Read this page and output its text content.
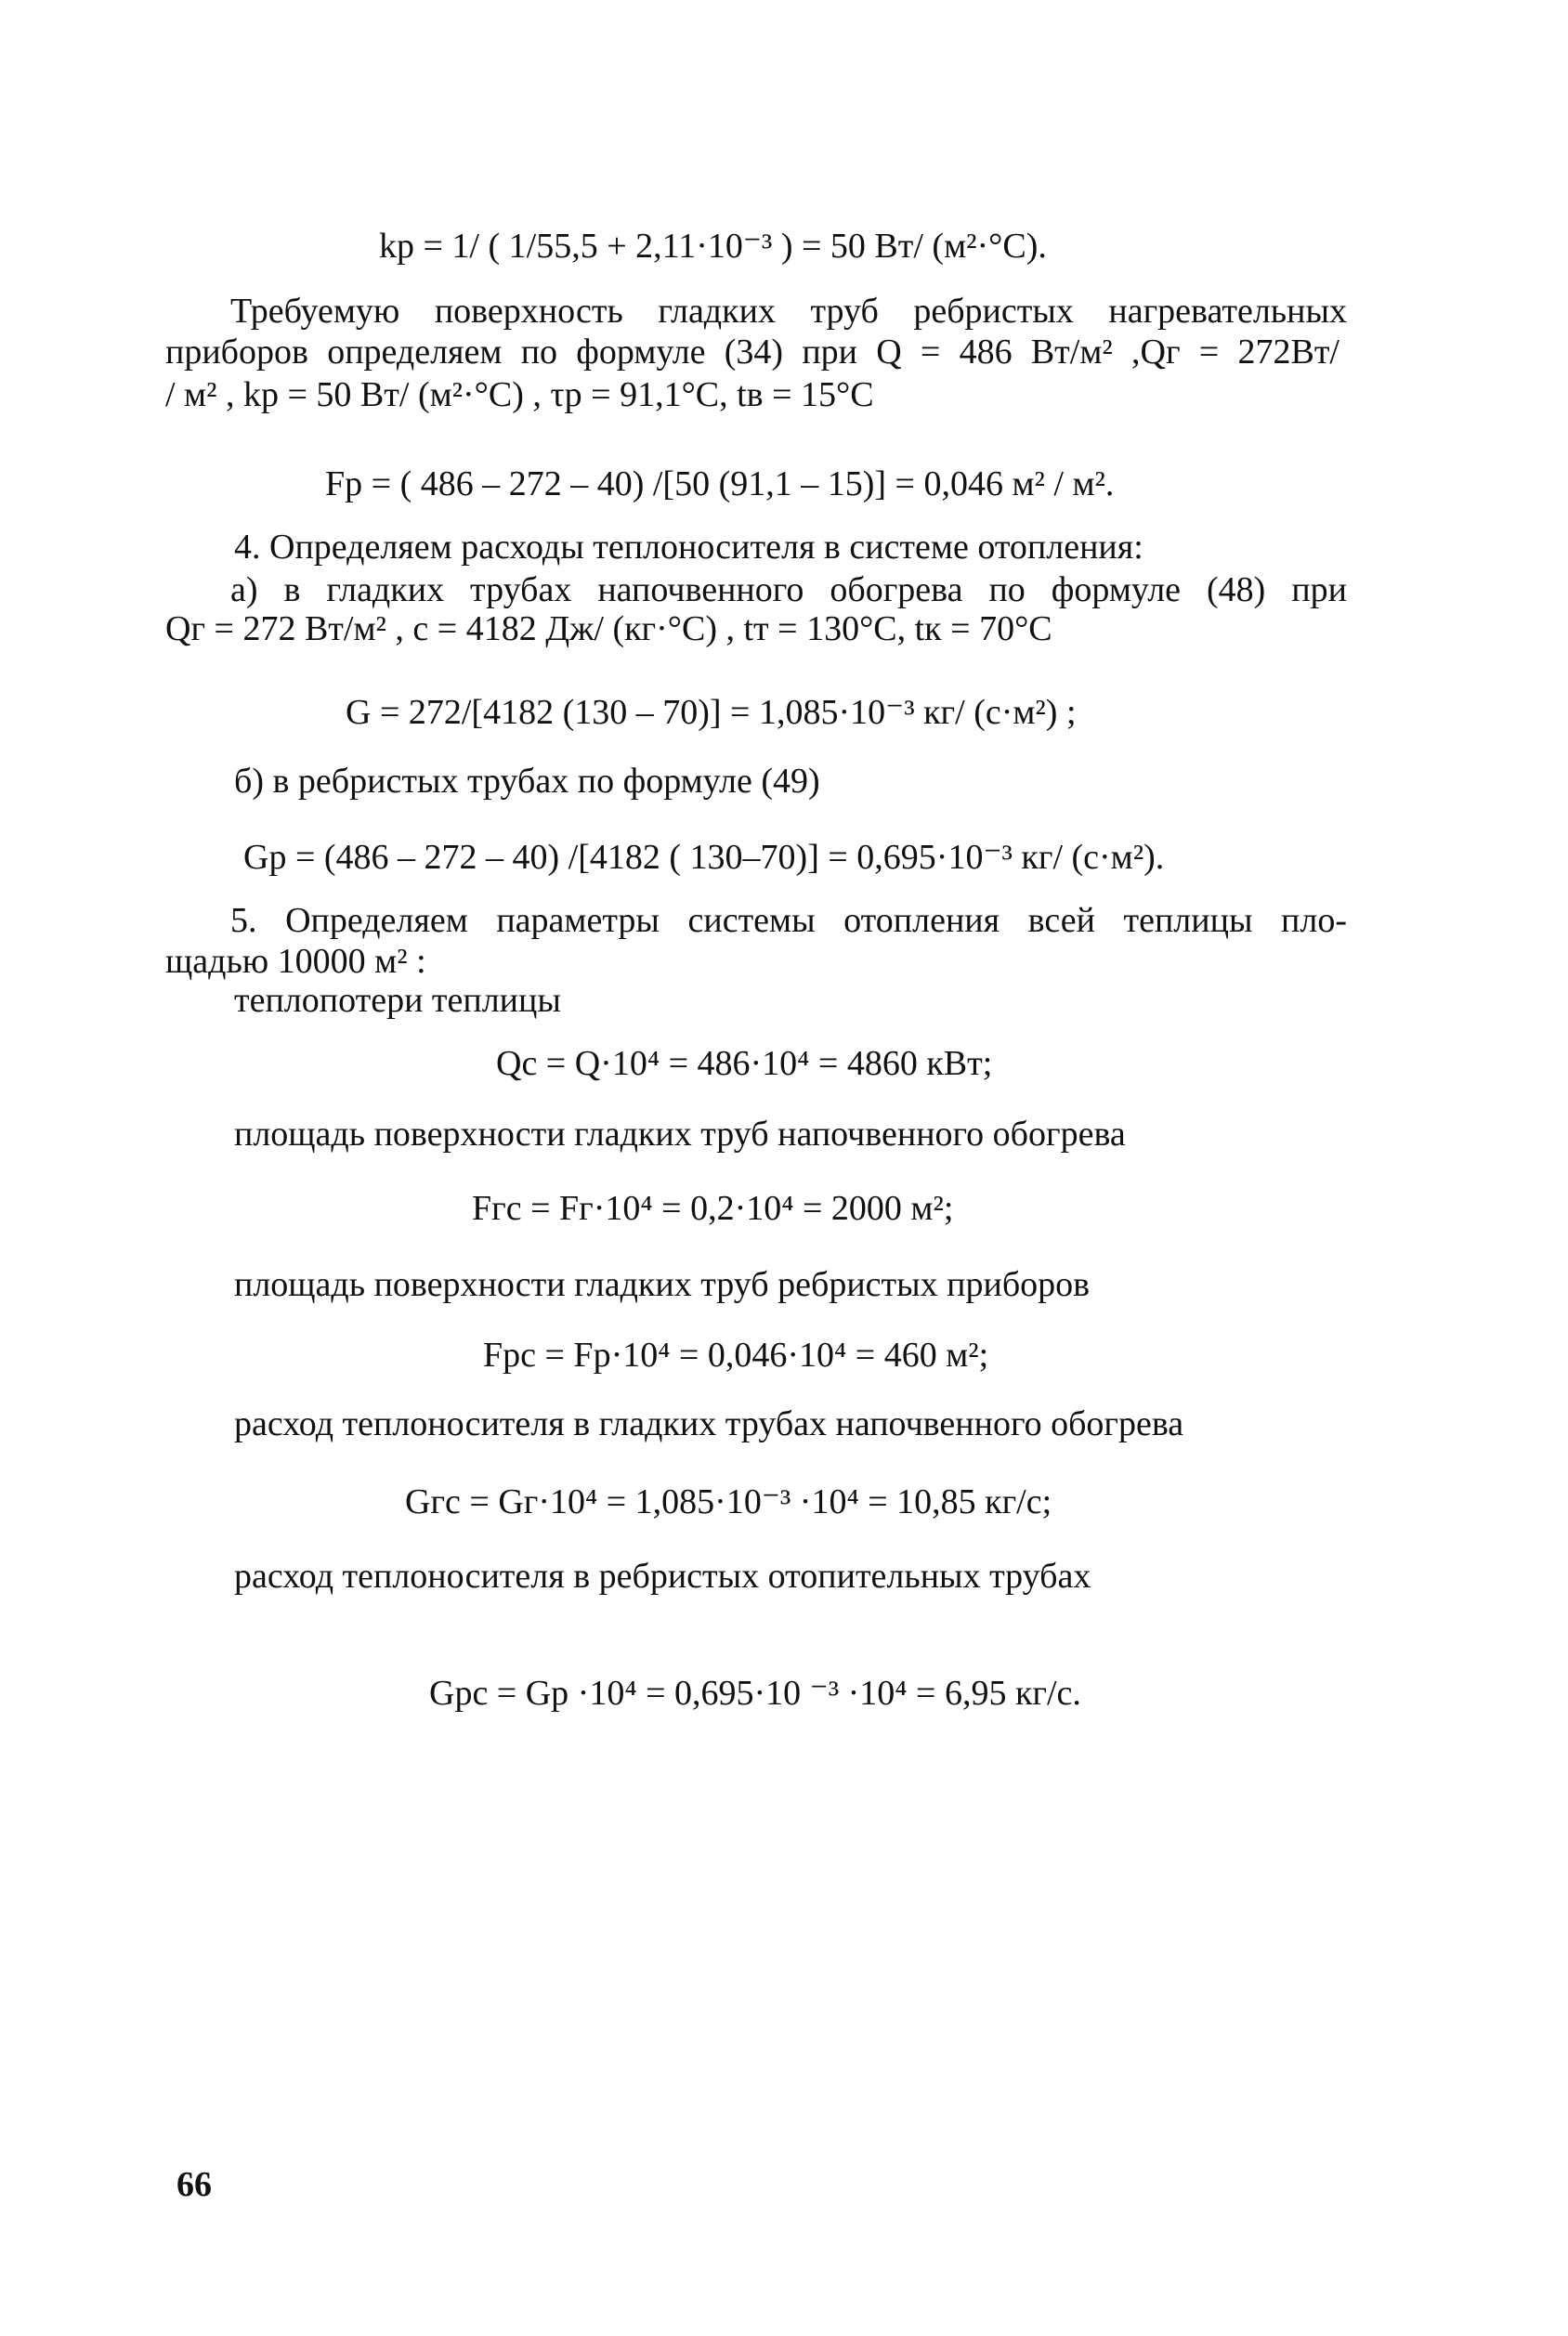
kp = 1/ ( 1/55,5 + 2,11·10⁻³ ) = 50 Вт/ (м²·°С).
Требуемую поверхность гладких труб ребристых нагревательных
приборов определяем по формуле (34) при Q = 486 Вт/м² ,Qг = 272Вт/
/ м² , kр = 50 Вт/ (м²·°С) , τр = 91,1°С, tв = 15°С
Fр = ( 486 – 272 – 40) /[50 (91,1 – 15)] = 0,046 м² / м².
4. Определяем расходы теплоносителя в системе отопления:
а) в гладких трубах напочвенного обогрева по формуле (48) при
Qг = 272 Вт/м² , с = 4182 Дж/ (кг·°С) , tт = 130°С, tк = 70°С
G = 272/[4182 (130 – 70)] = 1,085·10⁻³ кг/ (с·м²) ;
б) в ребристых трубах по формуле (49)
Gр = (486 – 272 – 40) /[4182 ( 130–70)] = 0,695·10⁻³ кг/ (с·м²).
5. Определяем параметры системы отопления всей теплицы пло-
щадью 10000 м² :
теплопотери теплицы
Qс = Q·10⁴ = 486·10⁴ = 4860 кВт;
площадь поверхности гладких труб напочвенного обогрева
Fгс = Fг·10⁴ = 0,2·10⁴ = 2000 м²;
площадь поверхности гладких труб ребристых приборов
Fрс = Fр·10⁴ = 0,046·10⁴ = 460 м²;
расход теплоносителя в гладких трубах напочвенного обогрева
Gгс = Gг·10⁴ = 1,085·10⁻³ ·10⁴ = 10,85 кг/с;
расход теплоносителя в ребристых отопительных трубах
Gрс = Gр ·10⁴ = 0,695·10 ⁻³ ·10⁴ = 6,95 кг/с.
66
